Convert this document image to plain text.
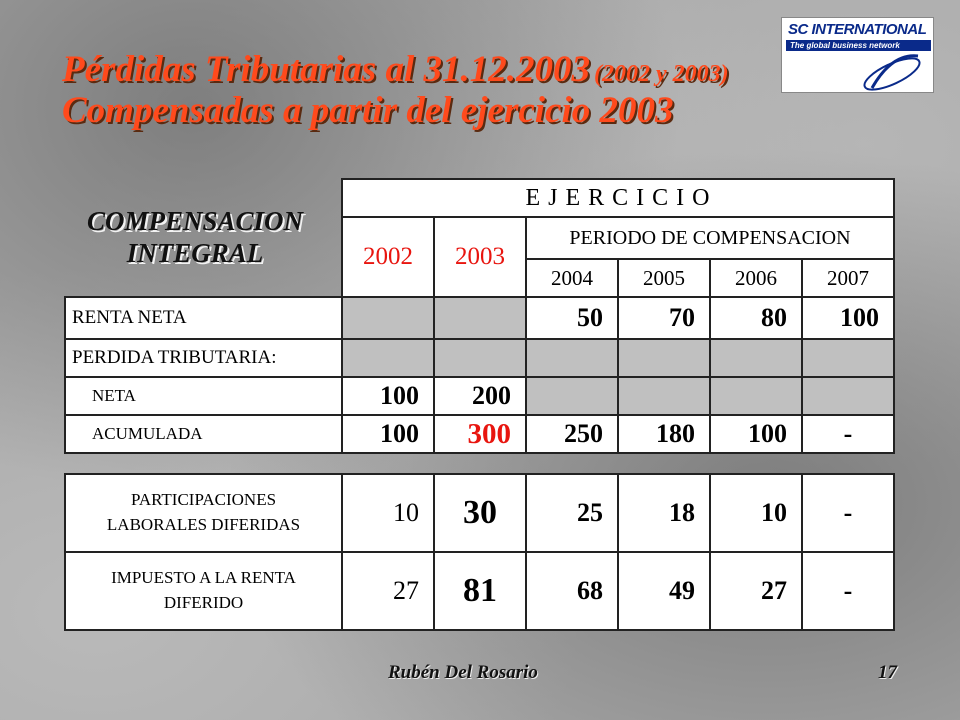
Pérdidas Tributarias al 31.12.2003 (2002 y 2003)
Compensadas a partir del ejercicio 2003
SC INTERNATIONAL
The global business network
COMPENSACION
INTEGRAL
E J E R C I C I O					
2002	2003	PERIODO DE COMPENSACION			
		2004	2005	2006	2007
RENTA NETA			50	70	80	100
PERDIDA TRIBUTARIA:						
NETA	100	200				
ACUMULADA	100	300	250	180	100	-
PARTICIPACIONES
LABORALES DIFERIDAS	10	30	25	18	10	-

IMPUESTO A LA RENTA
DIFERIDO	27	81	68	49	27	-
Rubén Del Rosario	17
